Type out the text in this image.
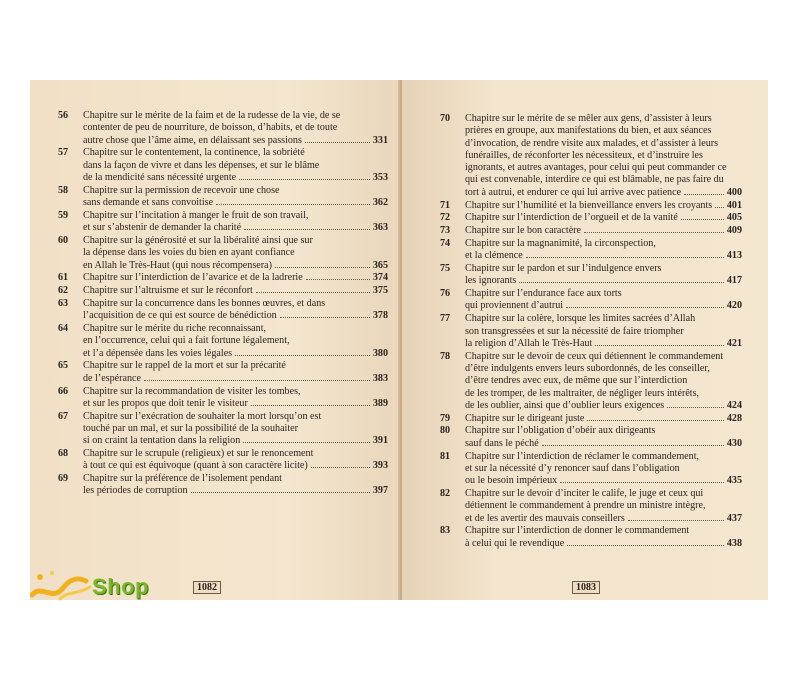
56	Chapitre sur le mérite de la faim et de la rudesse de la vie, de se
contenter de peu de nourriture, de boisson, d’habits, et de toute
autre chose que l’âme aime, en délaissant ses passions	331
57	Chapitre sur le contentement, la continence, la sobriété
dans la façon de vivre et dans les dépenses, et sur le blâme
de la mendicité sans nécessité urgente	353
58	Chapitre sur la permission de recevoir une chose
sans demande et sans convoitise	362
59	Chapitre sur l’incitation à manger le fruit de son travail,
et sur s’abstenir de demander la charité	363
60	Chapitre sur la générosité et sur la libéralité ainsi que sur
la dépense dans les voies du bien en ayant confiance
en Allah le Très-Haut (qui nous récompensera)	365
61	Chapitre sur l’interdiction de l’avarice et de la ladrerie	374
62	Chapitre sur l’altruisme et sur le réconfort	375
63	Chapitre sur la concurrence dans les bonnes œuvres, et dans
l’acquisition de ce qui est source de bénédiction	378
64	Chapitre sur le mérite du riche reconnaissant,
en l’occurrence, celui qui a fait fortune légalement,
et l’a dépensée dans les voies légales	380
65	Chapitre sur le rappel de la mort et sur la précarité
de l’espérance	383
66	Chapitre sur la recommandation de visiter les tombes,
et sur les propos que doit tenir le visiteur	389
67	Chapitre sur l’exécration de souhaiter la mort lorsqu’on est
touché par un mal, et sur la possibilité de la souhaiter
si on craint la tentation dans la religion	391
68	Chapitre sur le scrupule (religieux) et sur le renoncement
à tout ce qui est équivoque (quant à son caractère licite)	393
69	Chapitre sur la préférence de l’isolement pendant
les périodes de corruption	397
1082
70	Chapitre sur le mérite de se mêler aux gens, d’assister à leurs
prières en groupe, aux manifestations du bien, et aux séances
d’invocation, de rendre visite aux malades, et d’assister à leurs
funérailles, de réconforter les nécessiteux, et d’instruire les
ignorants, et autres avantages, pour celui qui peut commander ce
qui est convenable, interdire ce qui est blâmable, ne pas faire du
tort à autrui, et endurer ce qui lui arrive avec patience	400
71	Chapitre sur l’humilité et la bienveillance envers les croyants 401
72	Chapitre sur l’interdiction de l’orgueil et de la vanité	405
73	Chapitre sur le bon caractère	409
74	Chapitre sur la magnanimité, la circonspection,
et la clémence	413
75	Chapitre sur le pardon et sur l’indulgence envers
les ignorants	417
76	Chapitre sur l’endurance face aux torts
qui proviennent d’autrui	420
77	Chapitre sur la colère, lorsque les limites sacrées d’Allah
son transgressées et sur la nécessité de faire triompher
la religion d’Allah le Très-Haut	421
78	Chapitre sur le devoir de ceux qui détiennent le commandement
d’être indulgents envers leurs subordonnés, de les conseiller,
d’être tendres avec eux, de même que sur l’interdiction
de les tromper, de les maltraiter, de négliger leurs intérêts,
de les oublier, ainsi que d’oublier leurs exigences	424
79	Chapitre sur le dirigeant juste	428
80	Chapitre sur l’obligation d’obéir aux dirigeants
sauf dans le péché	430
81	Chapitre sur l’interdiction de réclamer le commandement,
et sur la nécessité d’y renoncer sauf dans l’obligation
ou le besoin impérieux	435
82	Chapitre sur le devoir d’inciter le calife, le juge et ceux qui
détiennent le commandement à prendre un ministre intègre,
et de les avertir des mauvais conseillers	437
83	Chapitre sur l’interdiction de donner le commandement
à celui qui le revendique	438
1083
Shop
